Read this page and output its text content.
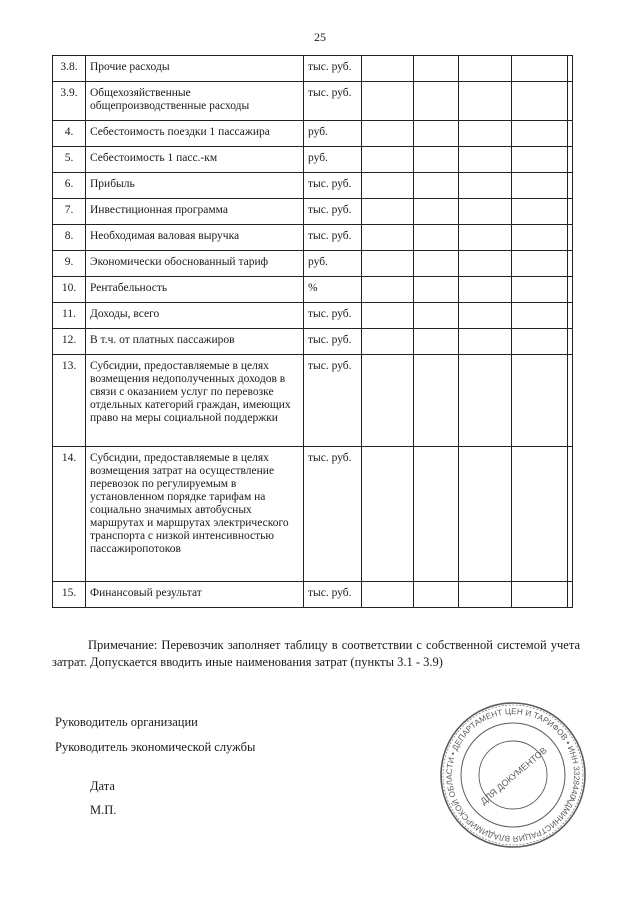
25
3.8.	Прочие расходы	тыс. руб.					
3.9.	Общехозяйственные общепроизводственные расходы	тыс. руб.					
4.	Себестоимость поездки 1 пассажира	руб.					
5.	Себестоимость 1 пасс.-км	руб.					
6.	Прибыль	тыс. руб.					
7.	Инвестиционная программа	тыс. руб.					
8.	Необходимая валовая выручка	тыс. руб.					
9.	Экономически обоснованный тариф	руб.					
10.	Рентабельность	%					
11.	Доходы, всего	тыс. руб.					
12.	В т.ч. от платных пассажиров	тыс. руб.					
13.	Субсидии, предоставляемые в целях возмещения недополученных доходов в связи с оказанием услуг по перевозке отдельных категорий граждан, имеющих право на меры социальной поддержки	тыс. руб.					
14.	Субсидии, предоставляемые в целях возмещения затрат на осуществление перевозок по регулируемым в установленном порядке тарифам на социально значимых автобусных маршрутах и маршрутах электрического транспорта с низкой интенсивностью пассажиропотоков	тыс. руб.					
15.	Финансовый результат	тыс. руб.					
Примечание: Перевозчик заполняет таблицу в соответствии с собственной системой учета затрат. Допускается вводить иные наименования затрат (пункты 3.1 - 3.9)
Руководитель организации
Руководитель экономической службы
Дата
М.П.
АДМИНИСТРАЦИЯ ВЛАДИМИРСКОЙ ОБЛАСТИ • ДЕПАРТАМЕНТ ЦЕН И ТАРИФОВ • ИНН 3328440789
ДЛЯ ДОКУМЕНТОВ
